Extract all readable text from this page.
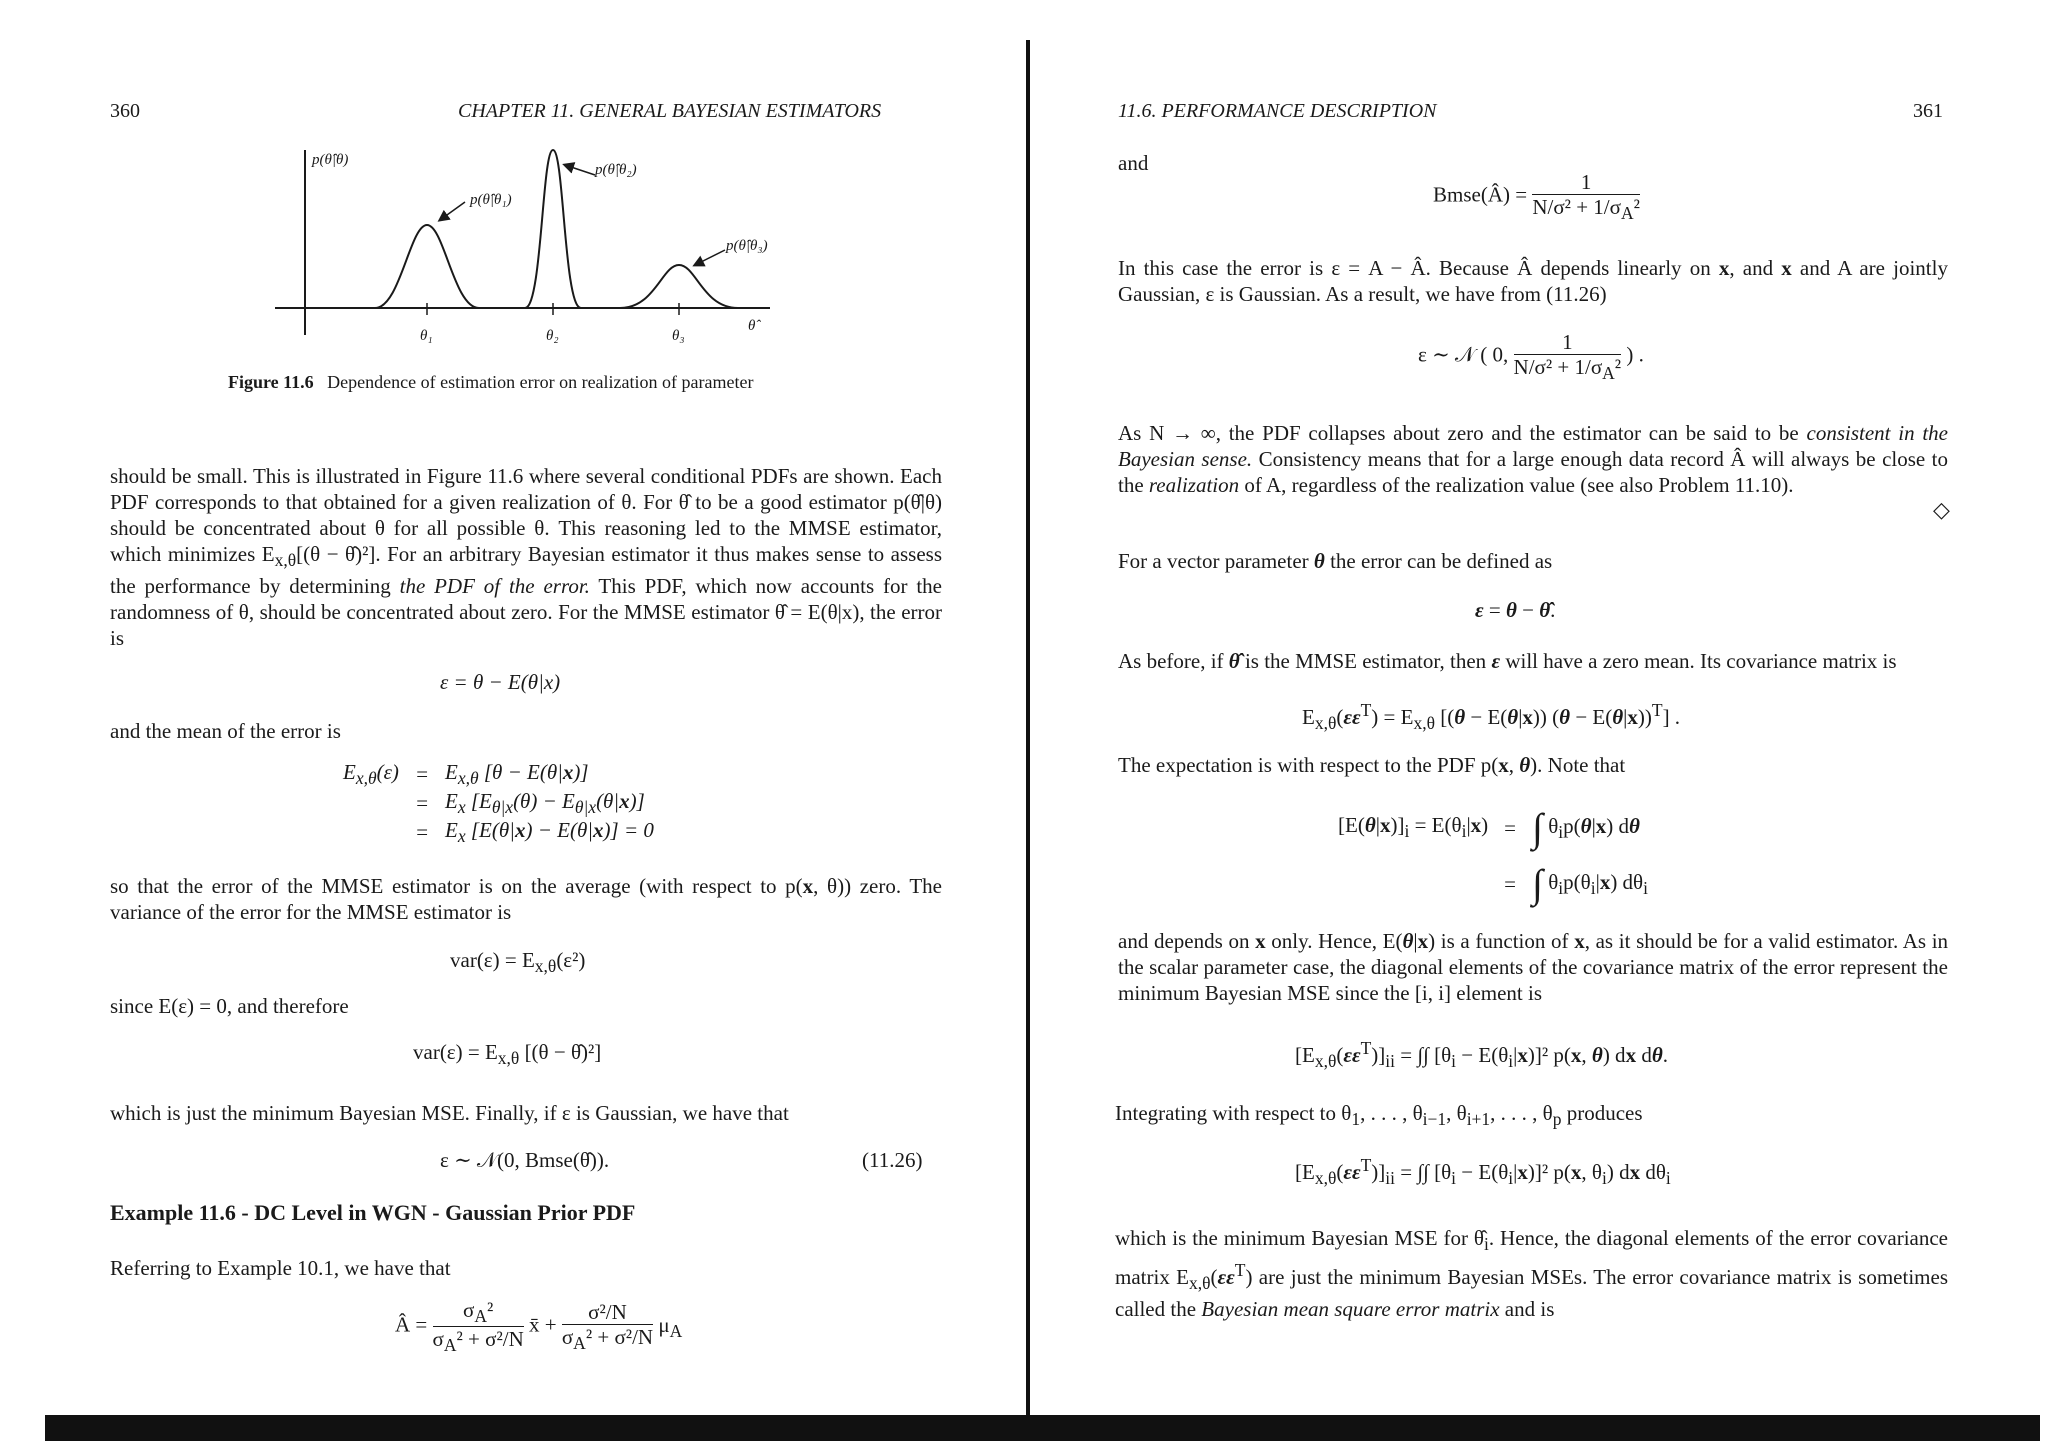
360	CHAPTER 11. GENERAL BAYESIAN ESTIMATORS
p(θ̂|θ)
p(θ̂|θ₁)
p(θ̂|θ₂)
p(θ̂|θ₃)
θ₁	θ₂	θ₃
θ̂
Figure 11.6 Dependence of estimation error on realization of parameter
should be small. This is illustrated in Figure 11.6 where several conditional PDFs are shown. Each PDF corresponds to that obtained for a given realization of θ. For θ̂ to be a good estimator p(θ̂|θ) should be concentrated about θ for all possible θ. This reasoning led to the MMSE estimator, which minimizes $E_{x,\theta}[(\theta$ − θ̂)²]. For an arbitrary Bayesian estimator it thus makes sense to assess the performance by determining the PDF of the error. This PDF, which now accounts for the randomness of θ, should be concentrated about zero. For the MMSE estimator θ̂ = E(θ|x), the error is
ε = θ − E(θ|x)
and the mean of the error is
$E_{x,\theta}(\varepsilon)$	=	$E_{x,\theta}$ [θ − E(θ|x)]
	=	$E_x$ $[E_{\theta|x}(\theta) - E_{\theta|x}(\theta|x)]$
	=	$E_x$ [E(θ|x) − E(θ|x)] = 0
so that the error of the MMSE estimator is on the average (with respect to p(x, θ)) zero. The variance of the error for the MMSE estimator is
$var(\varepsilon) = E_{x,\theta}(\varepsilon^2)$
since E(ε) = 0, and therefore
$var(\varepsilon) = E_{x,\theta}$ [(θ − θ̂)²]
which is just the minimum Bayesian MSE. Finally, if ε is Gaussian, we have that
ε ∼ 𝒩(0, Bmse(θ̂)).	(11.26)
Example 11.6 - DC Level in WGN - Gaussian Prior PDF
Referring to Example 10.1, we have that
Â = $\frac{\sigma_A^2}{\sigma_A^2 + \sigma^2/N}$ x̄ + $\frac{\text{σ²/N}}{\sigma_A^2 + \sigma^2/N} \mu_A$
11.6. PERFORMANCE DESCRIPTION	361
and
Bmse(Â) = $\frac{1}{N/\sigma^2 + 1/\sigma_A^2}$
In this case the error is ε = A − Â. Because Â depends linearly on x, and x and A are jointly Gaussian, ε is Gaussian. As a result, we have from (11.26)
ε ∼ 𝒩 ( 0, $\frac{1}{N/\sigma^2 + 1/\sigma_A^2}$ ) .
As N → ∞, the PDF collapses about zero and the estimator can be said to be consistent in the Bayesian sense. Consistency means that for a large enough data record Â will always be close to the realization of A, regardless of the realization value (see also Problem 11.10).
◇
For a vector parameter θ the error can be defined as
ε = θ − θ̂.
As before, if θ̂ is the MMSE estimator, then ε will have a zero mean. Its covariance matrix is
$E_{x,\theta}(\varepsilon\varepsilon^T) = E_{x,\theta}$ [(θ − E(θ|x)) $(\theta - E(\theta|x))^T$] .
The expectation is with respect to the PDF p(x, θ). Note that
$[E(\theta|x)]_i = E(\theta_i|x)$	=	∫ $\theta_ip(\theta|x)$ dθ
	=	∫ $\theta_ip(\theta_i|x)$ $d\theta_i$
and depends on x only. Hence, E(θ|x) is a function of x, as it should be for a valid estimator. As in the scalar parameter case, the diagonal elements of the covariance matrix of the error represent the minimum Bayesian MSE since the [i, i] element is
$[E_{x,\theta}(\varepsilon\varepsilon^T)]_{ii}$ = ∫∫ $[\theta_i - E(\theta_i|x)]^2$ p(x, θ) dx dθ.
Integrating with respect to $\theta_1$, . . . , $\theta_{i-1}$, $\theta_{i+1}$, . . . , $\theta_p$ produces
$[E_{x,\theta}(\varepsilon\varepsilon^T)]_{ii}$ = ∫∫ $[\theta_i - E(\theta_i|x)]^2$ p(x, $\theta_i$) dx $d\theta_i$
which is the minimum Bayesian MSE for $\thetâ_i$. Hence, the diagonal elements of the error covariance matrix $E_{x,\theta}(\varepsilon\varepsilon^T)$ are just the minimum Bayesian MSEs. The error covariance matrix is sometimes called the Bayesian mean square error matrix and is
